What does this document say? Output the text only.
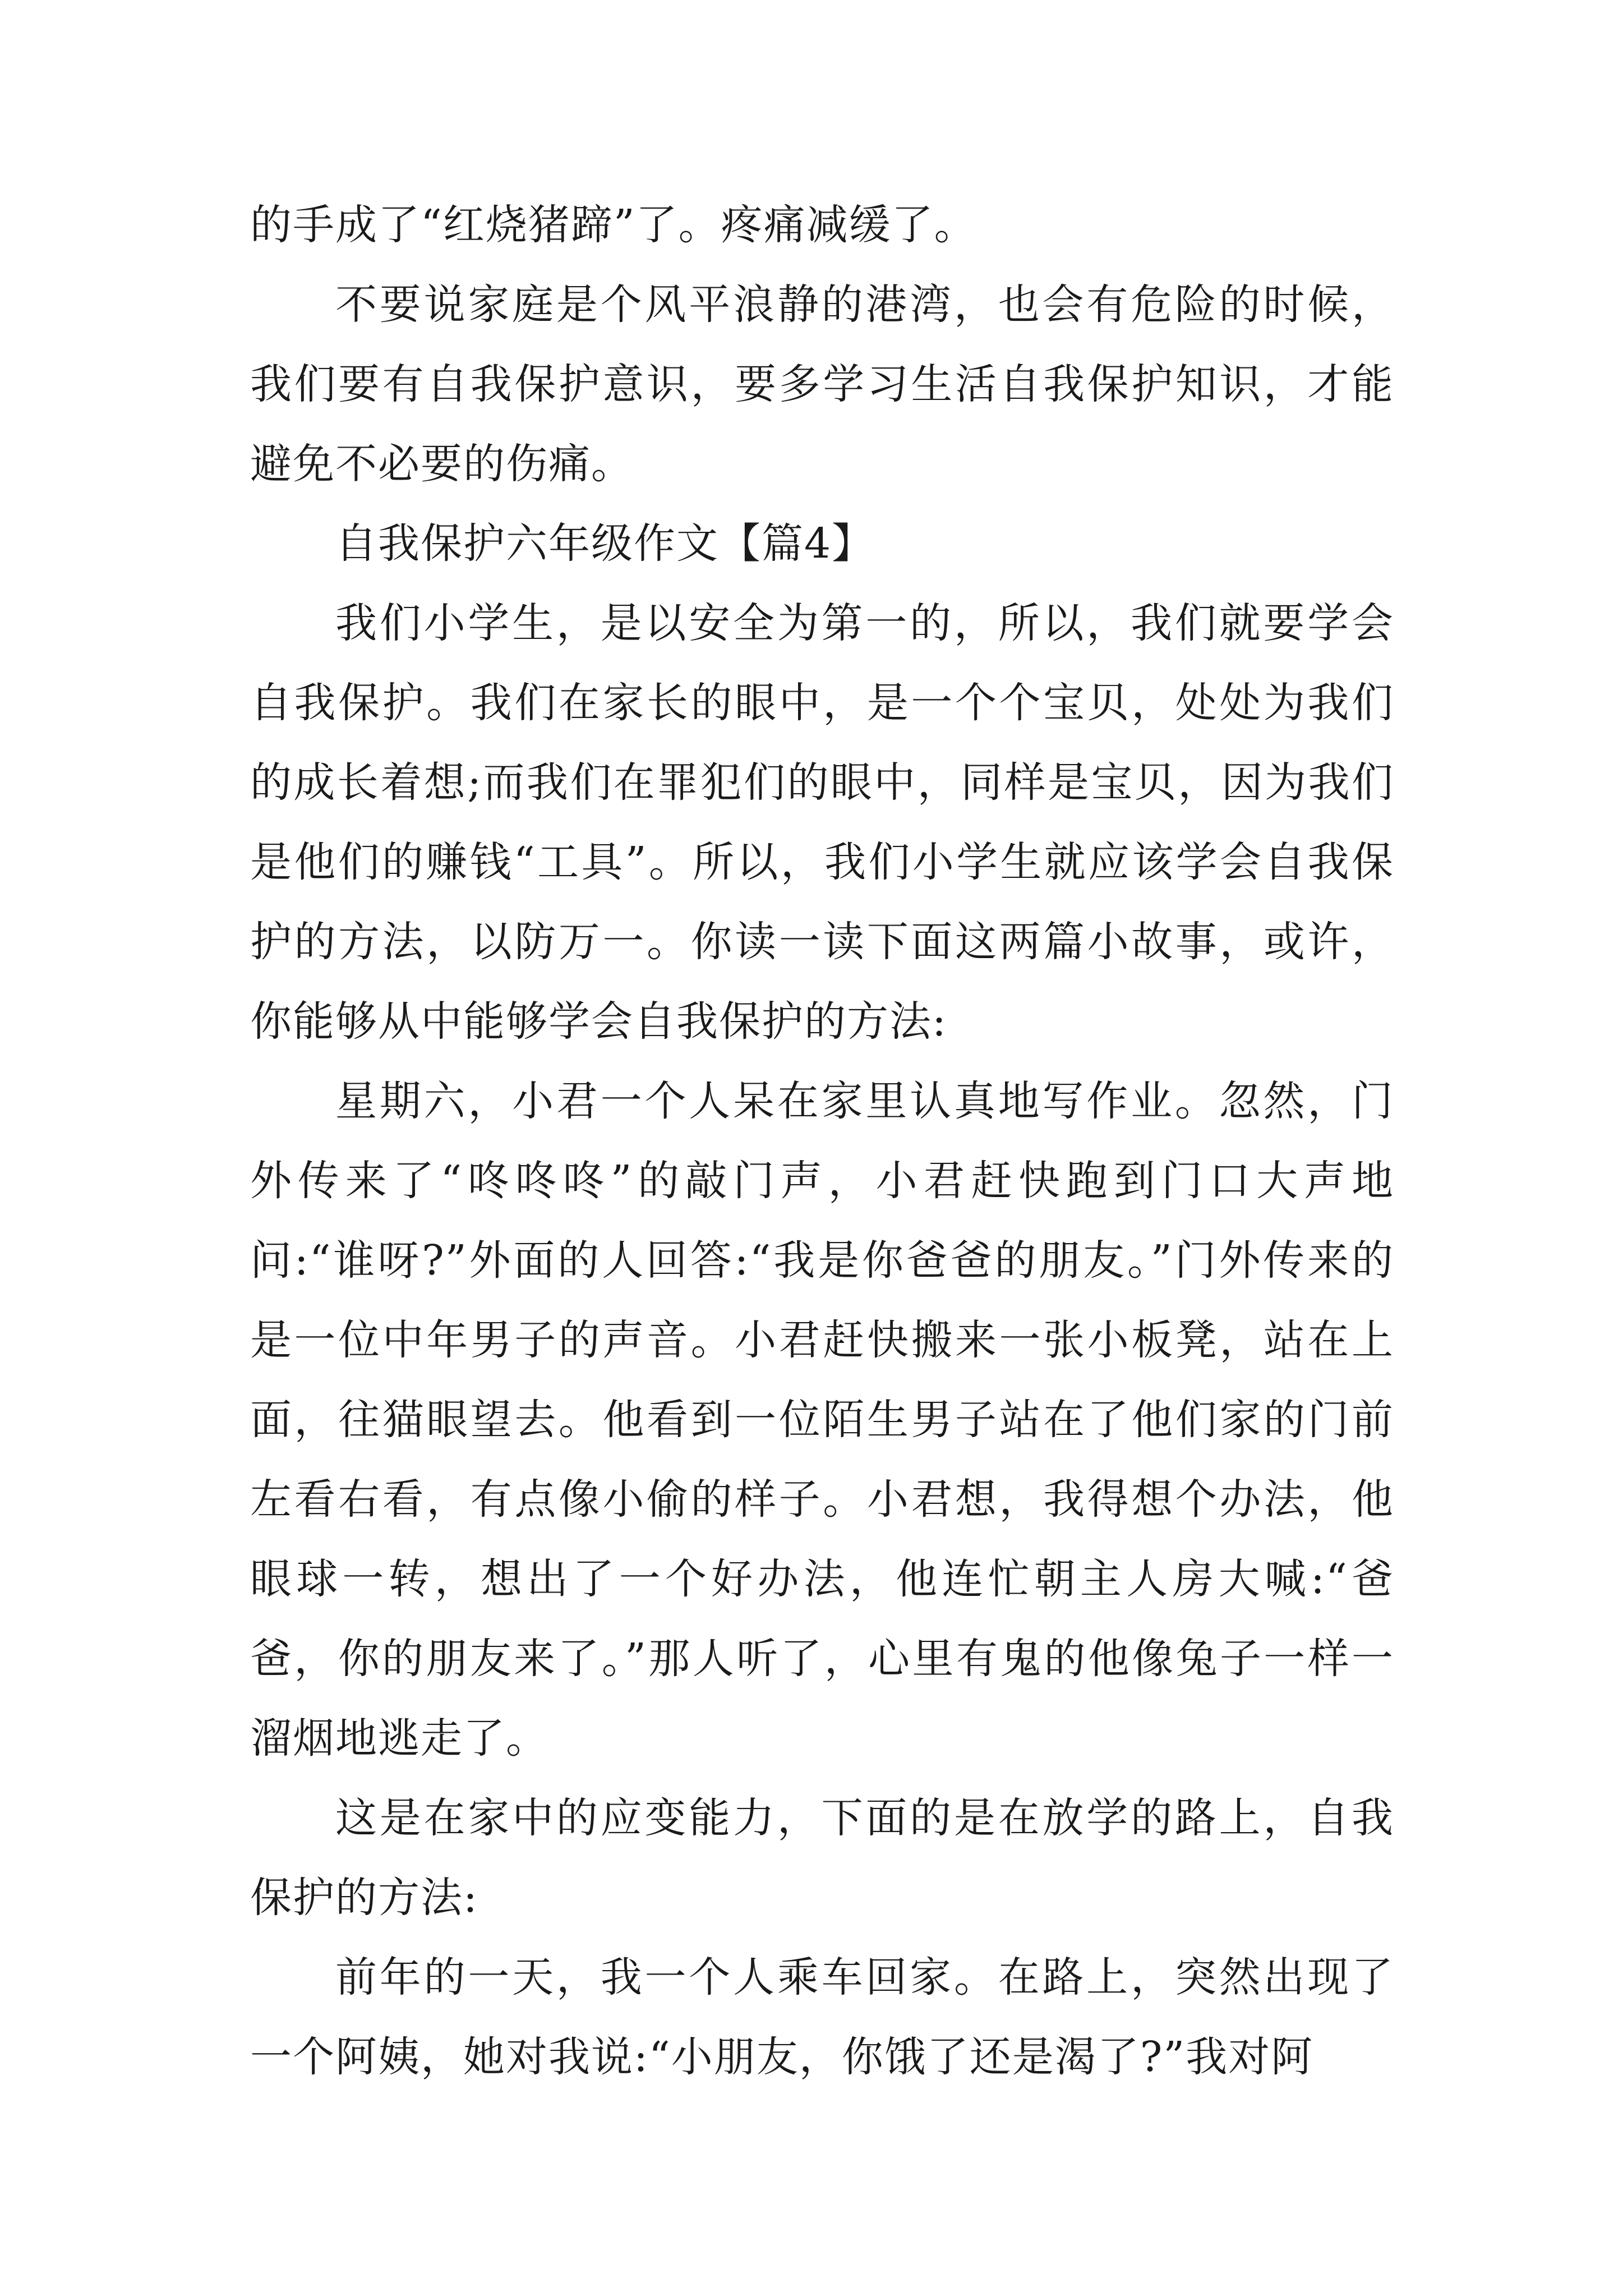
的手成了“红烧猪蹄”了。疼痛减缓了。

不要说家庭是个风平浪静的港湾，也会有危险的时候，我们要有自我保护意识，要多学习生活自我保护知识，才能避免不必要的伤痛。

自我保护六年级作文【篇4】

我们小学生，是以安全为第一的，所以，我们就要学会自我保护。我们在家长的眼中，是一个个宝贝，处处为我们的成长着想;而我们在罪犯们的眼中，同样是宝贝，因为我们是他们的赚钱“工具”。所以，我们小学生就应该学会自我保护的方法，以防万一。你读一读下面这两篇小故事，或许，你能够从中能够学会自我保护的方法:

星期六，小君一个人呆在家里认真地写作业。忽然，门外传来了“咚咚咚”的敲门声，小君赶快跑到门口大声地问:“谁呀?”外面的人回答:“我是你爸爸的朋友。”门外传来的是一位中年男子的声音。小君赶快搬来一张小板凳，站在上面，往猫眼望去。他看到一位陌生男子站在了他们家的门前左看右看，有点像小偷的样子。小君想，我得想个办法，他眼球一转，想出了一个好办法，他连忙朝主人房大喊:“爸爸，你的朋友来了。”那人听了，心里有鬼的他像兔子一样一溜烟地逃走了。

这是在家中的应变能力，下面的是在放学的路上，自我保护的方法:

前年的一天，我一个人乘车回家。在路上，突然出现了一个阿姨，她对我说:“小朋友，你饿了还是渴了?”我对阿
